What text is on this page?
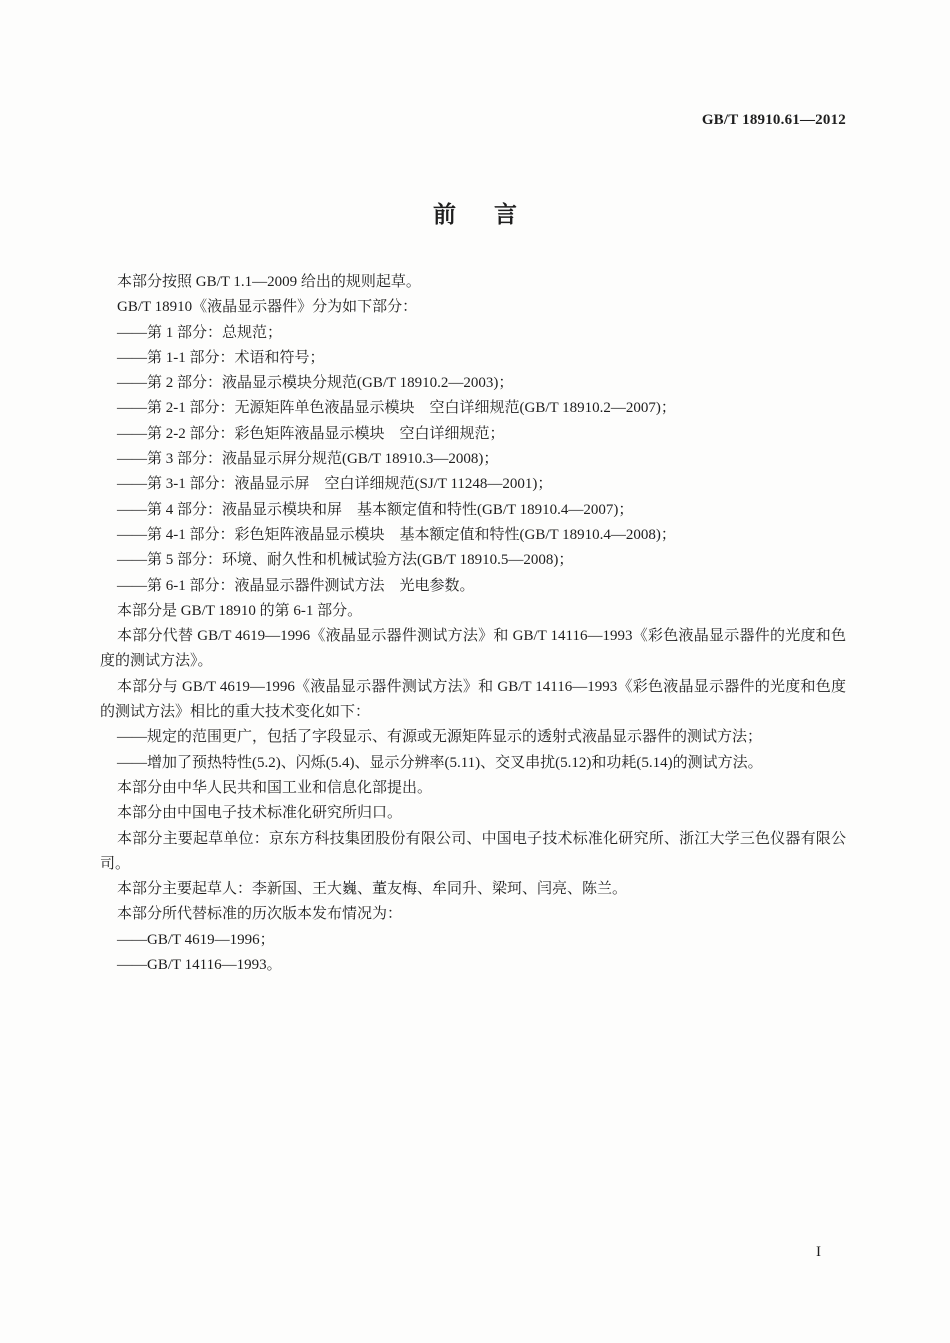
GB/T 18910.61—2012
前言

本部分按照 GB/T 1.1—2009 给出的规则起草。

GB/T 18910《液晶显示器件》分为如下部分：

——第 1 部分：总规范；

——第 1-1 部分：术语和符号；

——第 2 部分：液晶显示模块分规范(GB/T 18910.2—2003)；

——第 2-1 部分：无源矩阵单色液晶显示模块　空白详细规范(GB/T 18910.2—2007)；

——第 2-2 部分：彩色矩阵液晶显示模块　空白详细规范；

——第 3 部分：液晶显示屏分规范(GB/T 18910.3—2008)；

——第 3-1 部分：液晶显示屏　空白详细规范(SJ/T 11248—2001)；

——第 4 部分：液晶显示模块和屏　基本额定值和特性(GB/T 18910.4—2007)；

——第 4-1 部分：彩色矩阵液晶显示模块　基本额定值和特性(GB/T 18910.4—2008)；

——第 5 部分：环境、耐久性和机械试验方法(GB/T 18910.5—2008)；

——第 6-1 部分：液晶显示器件测试方法　光电参数。

本部分是 GB/T 18910 的第 6-1 部分。

本部分代替 GB/T 4619—1996《液晶显示器件测试方法》和 GB/T 14116—1993《彩色液晶显示器件的光度和色度的测试方法》。

本部分与 GB/T 4619—1996《液晶显示器件测试方法》和 GB/T 14116—1993《彩色液晶显示器件的光度和色度的测试方法》相比的重大技术变化如下：

——规定的范围更广，包括了字段显示、有源或无源矩阵显示的透射式液晶显示器件的测试方法；

——增加了预热特性(5.2)、闪烁(5.4)、显示分辨率(5.11)、交叉串扰(5.12)和功耗(5.14)的测试方法。

本部分由中华人民共和国工业和信息化部提出。

本部分由中国电子技术标准化研究所归口。

本部分主要起草单位：京东方科技集团股份有限公司、中国电子技术标准化研究所、浙江大学三色仪器有限公司。

本部分主要起草人：李新国、王大巍、董友梅、牟同升、梁珂、闫亮、陈兰。

本部分所代替标准的历次版本发布情况为：

——GB/T 4619—1996；

——GB/T 14116—1993。

I
